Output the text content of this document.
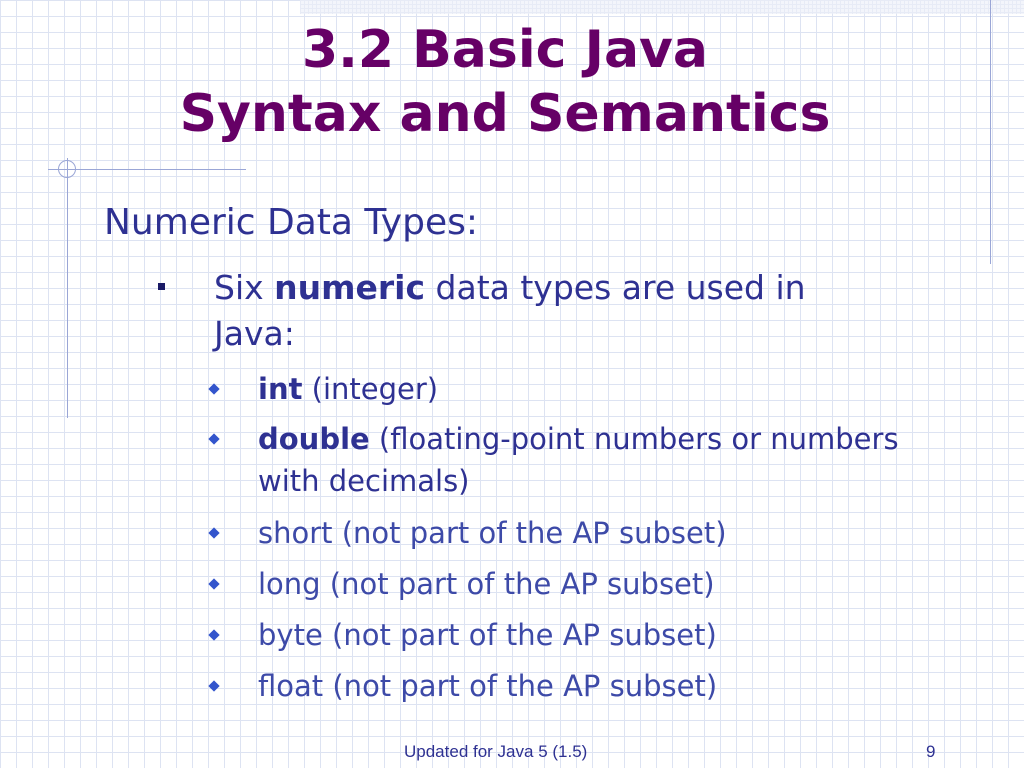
3.2 Basic Java
Syntax and Semantics
Numeric Data Types:
Six numeric data types are used in
Java:
int (integer)
double (floating-point numbers or numbers
with decimals)
short (not part of the AP subset)
long (not part of the AP subset)
byte (not part of the AP subset)
float (not part of the AP subset)
Updated for Java 5 (1.5)	9
